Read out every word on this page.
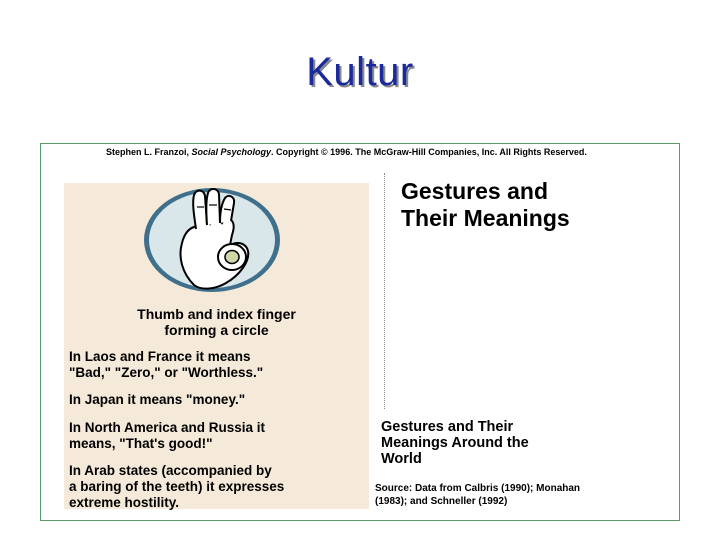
Kultur
Stephen L. Franzoi, Social Psychology. Copyright © 1996. The McGraw-Hill Companies, Inc. All Rights Reserved.
Thumb and index finger
forming a circle
In Laos and France it means
"Bad," "Zero," or "Worthless."
In Japan it means "money."
In North America and Russia it
means, "That's good!"
In Arab states (accompanied by
a baring of the teeth) it expresses
extreme hostility.
Gestures and
Their Meanings
Gestures and Their
Meanings Around the
World
Source: Data from Calbris (1990); Monahan
(1983); and Schneller (1992)
